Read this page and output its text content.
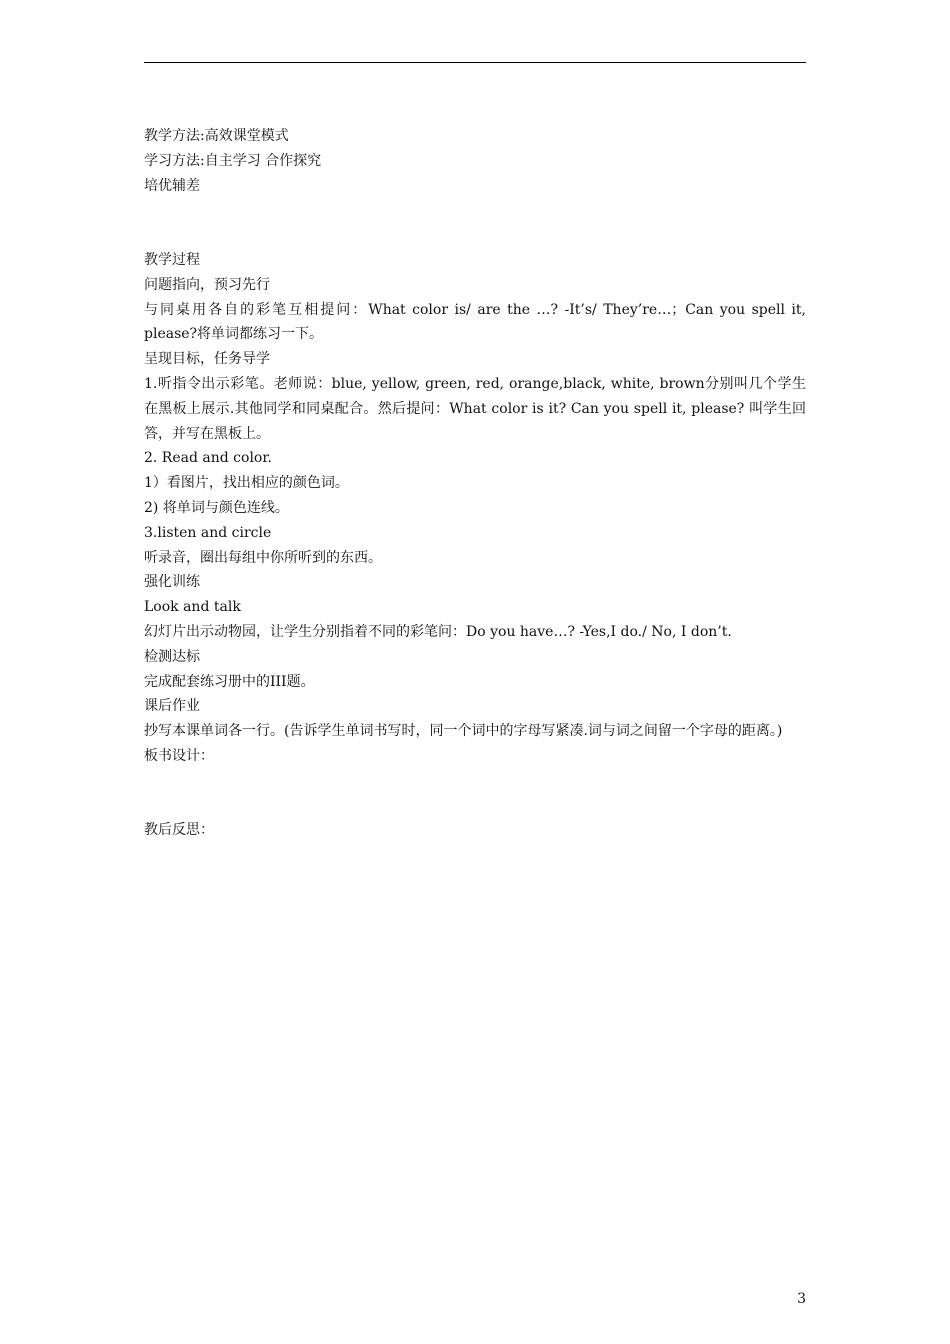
教学方法:高效课堂模式
学习方法:自主学习 合作探究
培优辅差
教学过程
问题指向，预习先行
与同桌用各自的彩笔互相提问：What color is/ are the …? -It’s/ They’re…；Can you spell it, please?将单词都练习一下。
呈现目标，任务导学
1.听指令出示彩笔。老师说：blue, yellow, green, red, orange,black, white, brown分别叫几个学生在黑板上展示.其他同学和同桌配合。然后提问：What color is it? Can you spell it, please? 叫学生回答，并写在黑板上。
2. Read and color.
1）看图片，找出相应的颜色词。
2) 将单词与颜色连线。
3.listen and circle
听录音，圈出每组中你所听到的东西。
强化训练
Look and talk
幻灯片出示动物园，让学生分别指着不同的彩笔问：Do you have…? -Yes,I do./ No, I don’t.
检测达标
完成配套练习册中的III题。
课后作业
抄写本课单词各一行。(告诉学生单词书写时，同一个词中的字母写紧凑.词与词之间留一个字母的距离。)
板书设计：
教后反思：
3
